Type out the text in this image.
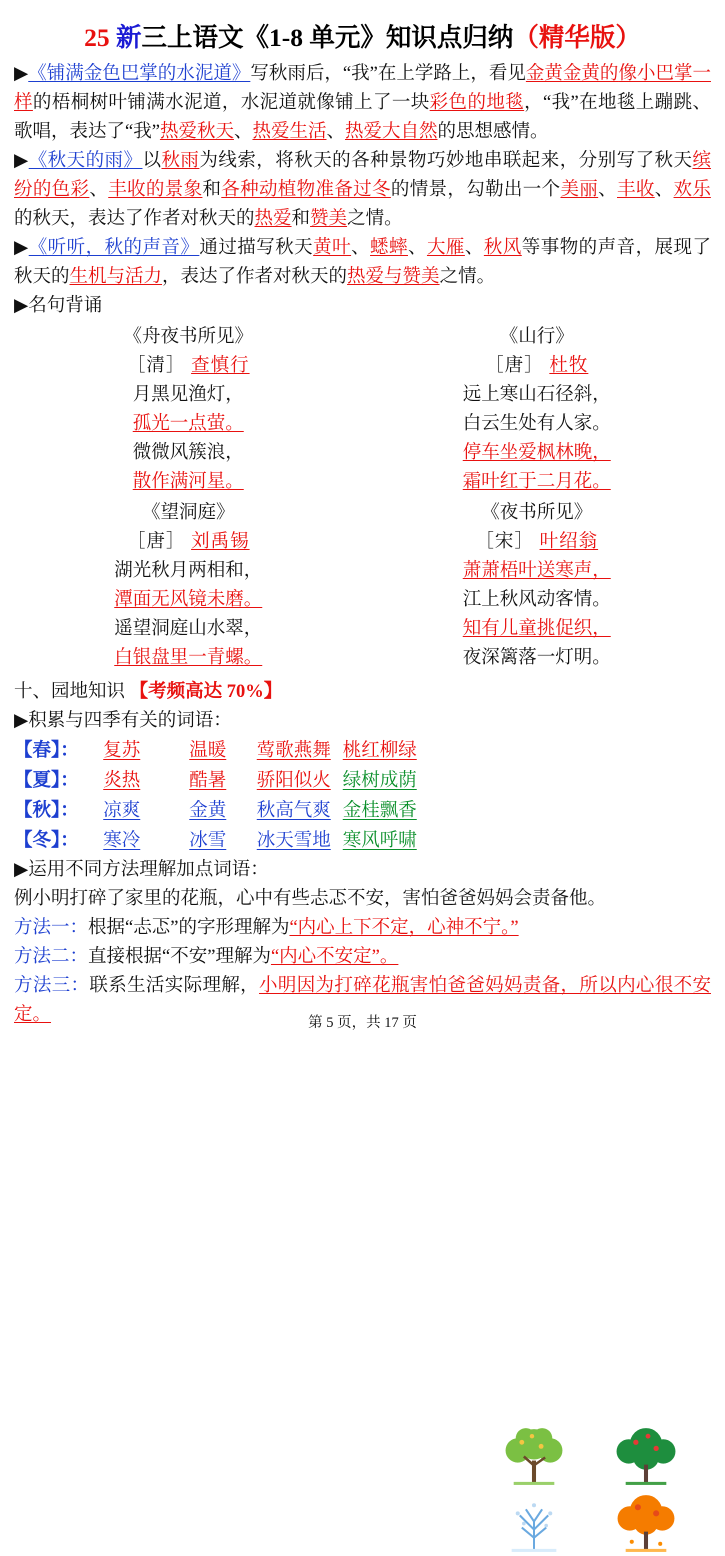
25 新三上语文《1-8 单元》知识点归纳（精华版）

▶《铺满金色巴掌的水泥道》写秋雨后，“我”在上学路上，看见金黄金黄的像小巴掌一样的梧桐树叶铺满水泥道，水泥道就像铺上了一块彩色的地毯，“我”在地毯上蹦跳、歌唱，表达了“我”热爱秋天、热爱生活、热爱大自然的思想感情。

▶《秋天的雨》以秋雨为线索，将秋天的各种景物巧妙地串联起来，分别写了秋天缤纷的色彩、丰收的景象和各种动植物准备过冬的情景，勾勒出一个美丽、丰收、欢乐的秋天，表达了作者对秋天的热爱和赞美之情。

▶《听听，秋的声音》通过描写秋天黄叶、蟋蟀、大雁、秋风等事物的声音，展现了秋天的生机与活力，表达了作者对秋天的热爱与赞美之情。

▶名句背诵

《舟夜书所见》
［清］ 查慎行
月黑见渔灯，
孤光一点萤。
微微风簇浪，
散作满河星。
《山行》
［唐］ 杜牧
远上寒山石径斜，
白云生处有人家。
停车坐爱枫林晚，
霜叶红于二月花。
《望洞庭》
［唐］ 刘禹锡
湖光秋月两相和，
潭面无风镜未磨。
遥望洞庭山水翠，
白银盘里一青螺。
《夜书所见》
［宋］ 叶绍翁
萧萧梧叶送寒声，
江上秋风动客情。
知有儿童挑促织，
夜深篱落一灯明。
十、园地知识 【考频高达 70%】

▶积累与四季有关的词语：

【春】： 复苏	温暖 莺歌燕舞 桃红柳绿
【夏】： 炎热	酷暑 骄阳似火 绿树成荫
【秋】： 凉爽	金黄 秋高气爽 金桂飘香
【冬】： 寒冷	冰雪 冰天雪地 寒风呼啸

▶运用不同方法理解加点词语：

例小明打碎了家里的花瓶，心中有些忐忑不安，害怕爸爸妈妈会责备他。

方法一：根据“忐忑”的字形理解为“内心上下不定，心神不宁。”

方法二：直接根据“不安”理解为“内心不安定”。

方法三：联系生活实际理解，小明因为打碎花瓶害怕爸爸妈妈责备，所以内心很不安定。	第 5 页，共 17 页
